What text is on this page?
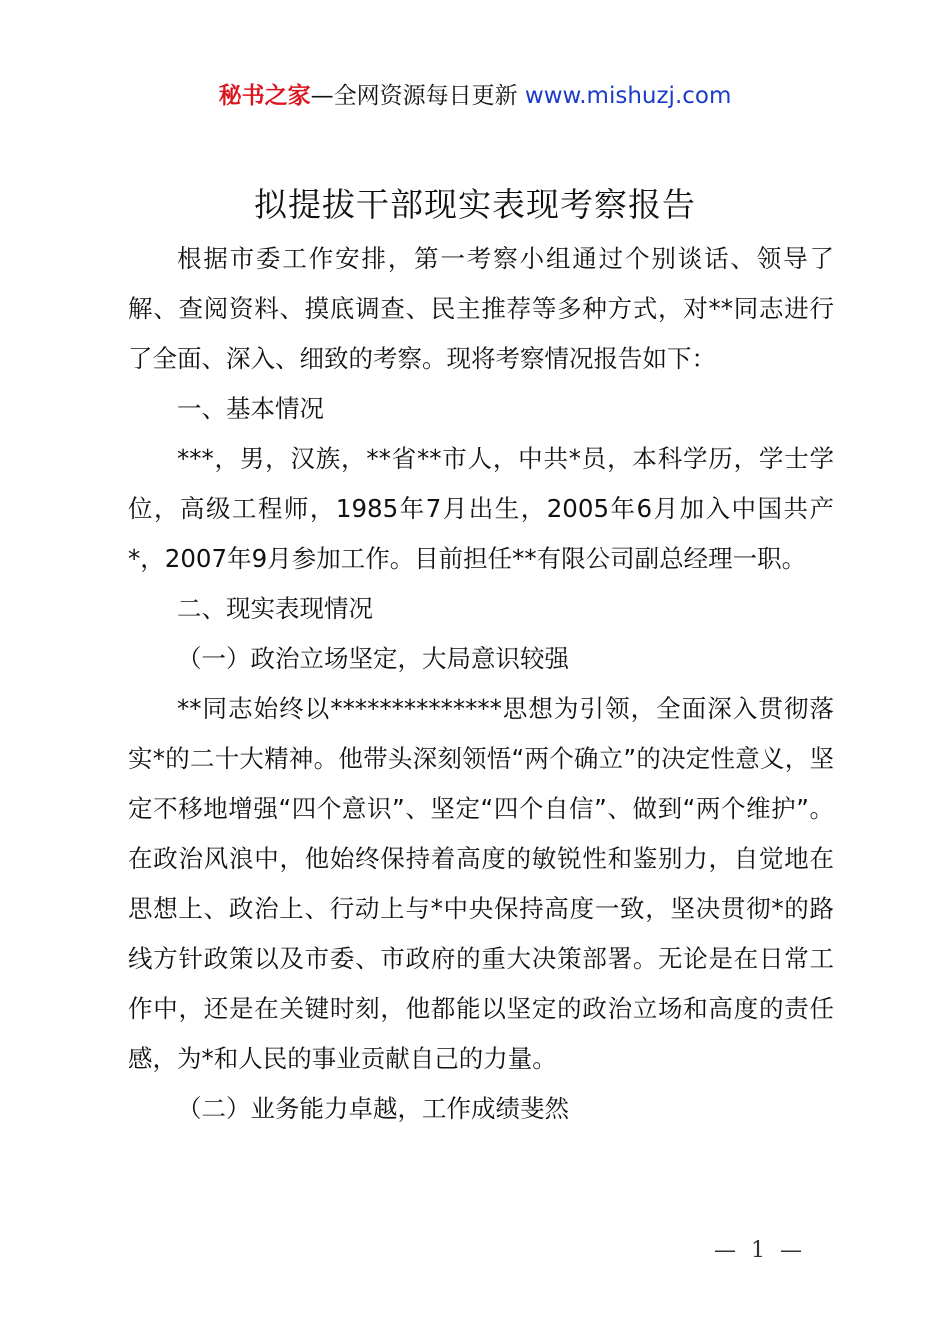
秘书之家—全网资源每日更新 www.mishuzj.com
拟提拔干部现实表现考察报告

根据市委工作安排，第一考察小组通过个别谈话、领导了解、查阅资料、摸底调查、民主推荐等多种方式，对**同志进行了全面、深入、细致的考察。现将考察情况报告如下：

一、基本情况

***，男，汉族，**省**市人，中共*员，本科学历，学士学位，高级工程师，1985年7月出生，2005年6月加入中国共产*，2007年9月参加工作。目前担任**有限公司副总经理一职。

二、现实表现情况

（一）政治立场坚定，大局意识较强

**同志始终以**************思想为引领，全面深入贯彻落实*的二十大精神。他带头深刻领悟“两个确立”的决定性意义，坚定不移地增强“四个意识”、坚定“四个自信”、做到“两个维护”。在政治风浪中，他始终保持着高度的敏锐性和鉴别力，自觉地在思想上、政治上、行动上与*中央保持高度一致，坚决贯彻*的路线方针政策以及市委、市政府的重大决策部署。无论是在日常工作中，还是在关键时刻，他都能以坚定的政治立场和高度的责任感，为*和人民的事业贡献自己的力量。

（二）业务能力卓越，工作成绩斐然

— 1 —
